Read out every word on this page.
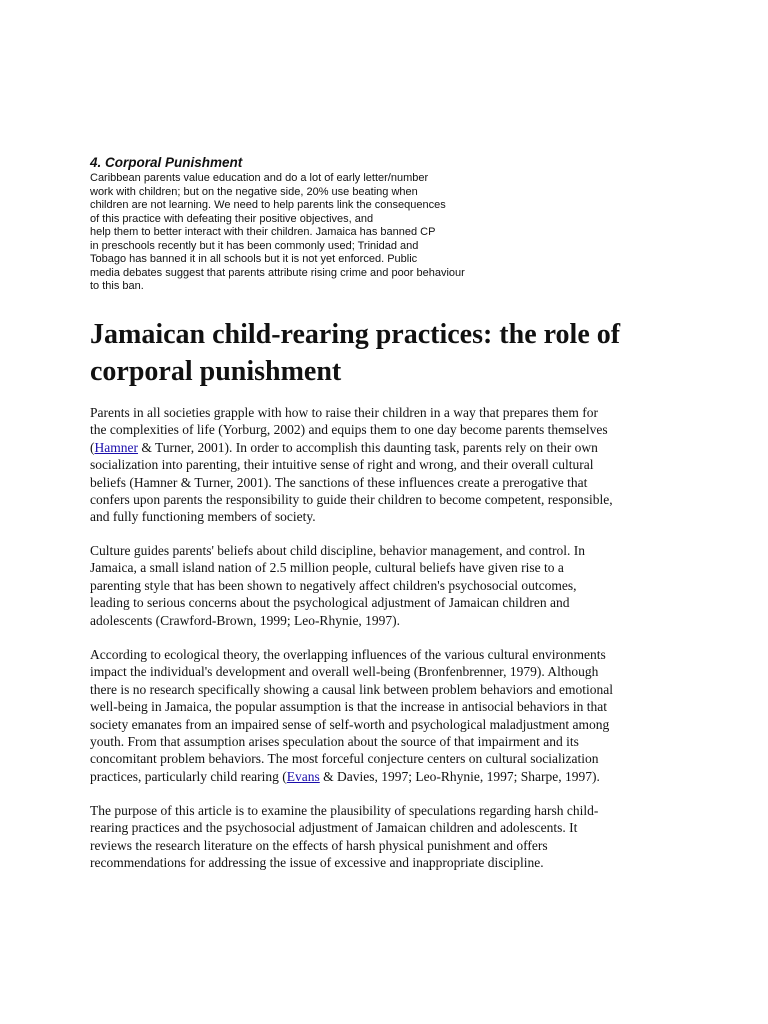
4. Corporal Punishment
Caribbean parents value education and do a lot of early letter/number
work with children; but on the negative side, 20% use beating when
children are not learning. We need to help parents link the consequences
of this practice with defeating their positive objectives, and
help them to better interact with their children. Jamaica has banned CP
in preschools recently but it has been commonly used; Trinidad and
Tobago has banned it in all schools but it is not yet enforced. Public
media debates suggest that parents attribute rising crime and poor behaviour
to this ban.
Jamaican child-rearing practices: the role of
corporal punishment
Parents in all societies grapple with how to raise their children in a way that prepares them for
the complexities of life (Yorburg, 2002) and equips them to one day become parents themselves
(Hamner & Turner, 2001). In order to accomplish this daunting task, parents rely on their own
socialization into parenting, their intuitive sense of right and wrong, and their overall cultural
beliefs (Hamner & Turner, 2001). The sanctions of these influences create a prerogative that
confers upon parents the responsibility to guide their children to become competent, responsible,
and fully functioning members of society.
Culture guides parents' beliefs about child discipline, behavior management, and control. In
Jamaica, a small island nation of 2.5 million people, cultural beliefs have given rise to a
parenting style that has been shown to negatively affect children's psychosocial outcomes,
leading to serious concerns about the psychological adjustment of Jamaican children and
adolescents (Crawford-Brown, 1999; Leo-Rhynie, 1997).
According to ecological theory, the overlapping influences of the various cultural environments
impact the individual's development and overall well-being (Bronfenbrenner, 1979). Although
there is no research specifically showing a causal link between problem behaviors and emotional
well-being in Jamaica, the popular assumption is that the increase in antisocial behaviors in that
society emanates from an impaired sense of self-worth and psychological maladjustment among
youth. From that assumption arises speculation about the source of that impairment and its
concomitant problem behaviors. The most forceful conjecture centers on cultural socialization
practices, particularly child rearing (Evans & Davies, 1997; Leo-Rhynie, 1997; Sharpe, 1997).
The purpose of this article is to examine the plausibility of speculations regarding harsh child-
rearing practices and the psychosocial adjustment of Jamaican children and adolescents. It
reviews the research literature on the effects of harsh physical punishment and offers
recommendations for addressing the issue of excessive and inappropriate discipline.
